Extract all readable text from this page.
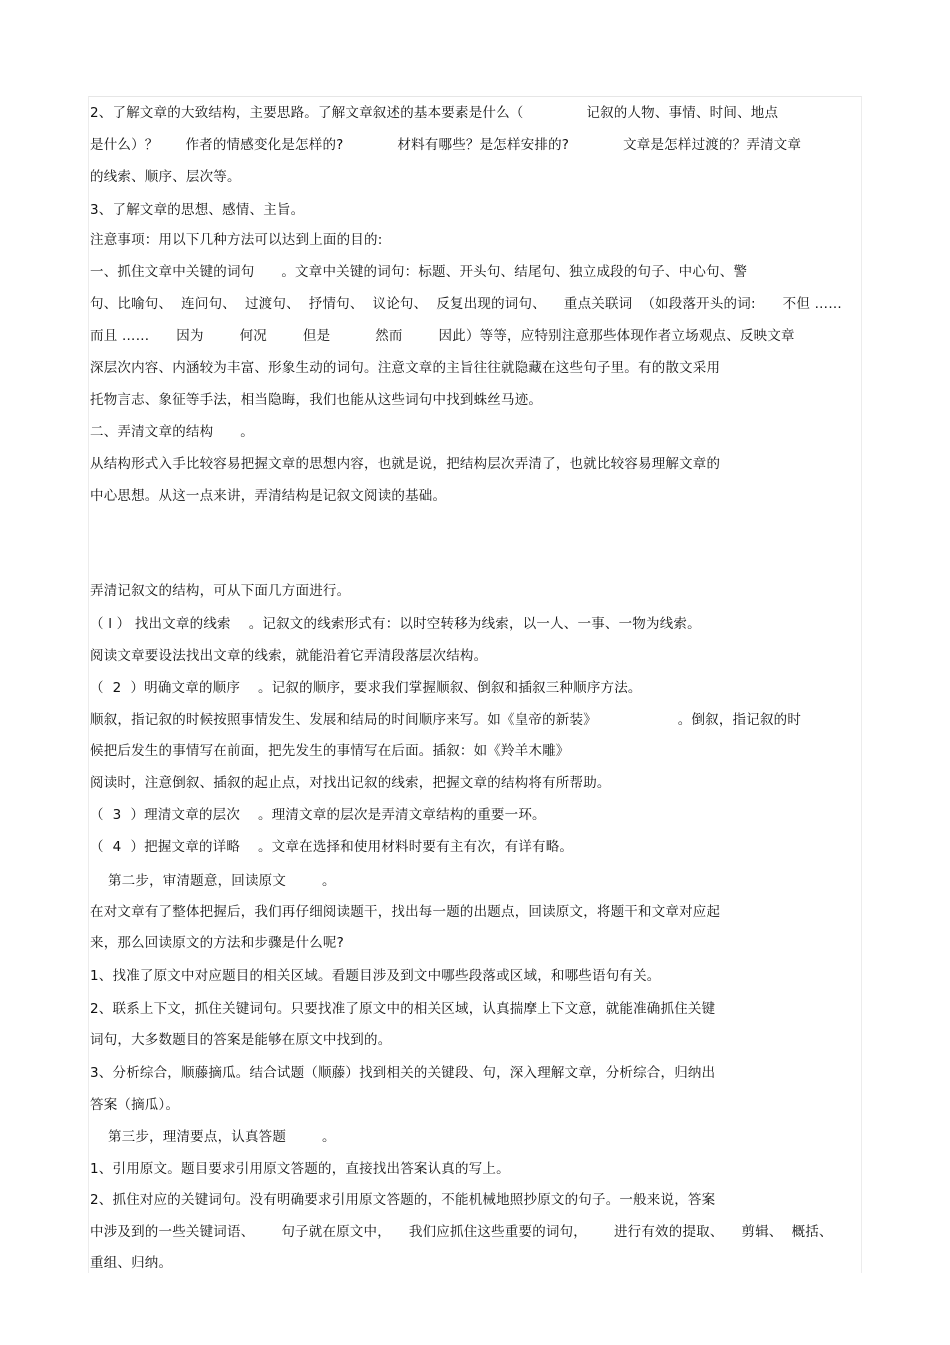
2、了解文章的大致结构，主要思路。了解文章叙述的基本要素是什么（              记叙的人物、事情、时间、地点
是什么）？      作者的情感变化是怎样的?            材料有哪些？是怎样安排的?            文章是怎样过渡的？弄清文章
的线索、顺序、层次等。
3、了解文章的思想、感情、主旨。
注意事项：用以下几种方法可以达到上面的目的:
一、抓住文章中关键的词句      。文章中关键的词句：标题、开头句、结尾句、独立成段的句子、中心句、警
句、比喻句、  连问句、  过渡句、  抒情句、  议论句、  反复出现的词句、    重点关联词  （如段落开头的词:      不但 ……
而且 ……      因为        何况        但是          然而        因此）等等，应特别注意那些体现作者立场观点、反映文章
深层次内容、内涵较为丰富、形象生动的词句。注意文章的主旨往往就隐藏在这些句子里。有的散文采用
托物言志、象征等手法，相当隐晦，我们也能从这些词句中找到蛛丝马迹。
二、弄清文章的结构      。
从结构形式入手比较容易把握文章的思想内容，也就是说，把结构层次弄清了，也就比较容易理解文章的
中心思想。从这一点来讲，弄清结构是记叙文阅读的基础。
弄清记叙文的结构，可从下面几方面进行。
（ l ） 找出文章的线索    。记叙文的线索形式有：以时空转移为线索，以一人、一事、一物为线索。
阅读文章要设法找出文章的线索，就能沿着它弄清段落层次结构。
（  2  ）明确文章的顺序    。记叙的顺序，要求我们掌握顺叙、倒叙和插叙三种顺序方法。
顺叙，指记叙的时候按照事情发生、发展和结局的时间顺序来写。如《皇帝的新装》                  。倒叙，指记叙的时
候把后发生的事情写在前面，把先发生的事情写在后面。插叙：如《羚羊木雕》
阅读时，注意倒叙、插叙的起止点，对找出记叙的线索，把握文章的结构将有所帮助。
（  3  ）理清文章的层次    。理清文章的层次是弄清文章结构的重要一环。
（  4  ）把握文章的详略    。文章在选择和使用材料时要有主有次，有详有略。
第二步，审清题意，回读原文        。
在对文章有了整体把握后，我们再仔细阅读题干，找出每一题的出题点，回读原文，将题干和文章对应起
来，那么回读原文的方法和步骤是什么呢?
1、找准了原文中对应题目的相关区域。看题目涉及到文中哪些段落或区域，和哪些语句有关。
2、联系上下文，抓住关键词句。只要找准了原文中的相关区域，认真揣摩上下文意，就能准确抓住关键
词句，大多数题目的答案是能够在原文中找到的。
3、分析综合，顺藤摘瓜。结合试题（顺藤）找到相关的关键段、句，深入理解文章，分析综合，归纳出
答案（摘瓜）。
第三步，理清要点，认真答题        。
1、引用原文。题目要求引用原文答题的，直接找出答案认真的写上。
2、抓住对应的关键词句。没有明确要求引用原文答题的，不能机械地照抄原文的句子。一般来说，答案
中涉及到的一些关键词语、      句子就在原文中，    我们应抓住这些重要的词句，      进行有效的提取、    剪辑、  概括、
重组、归纳。
